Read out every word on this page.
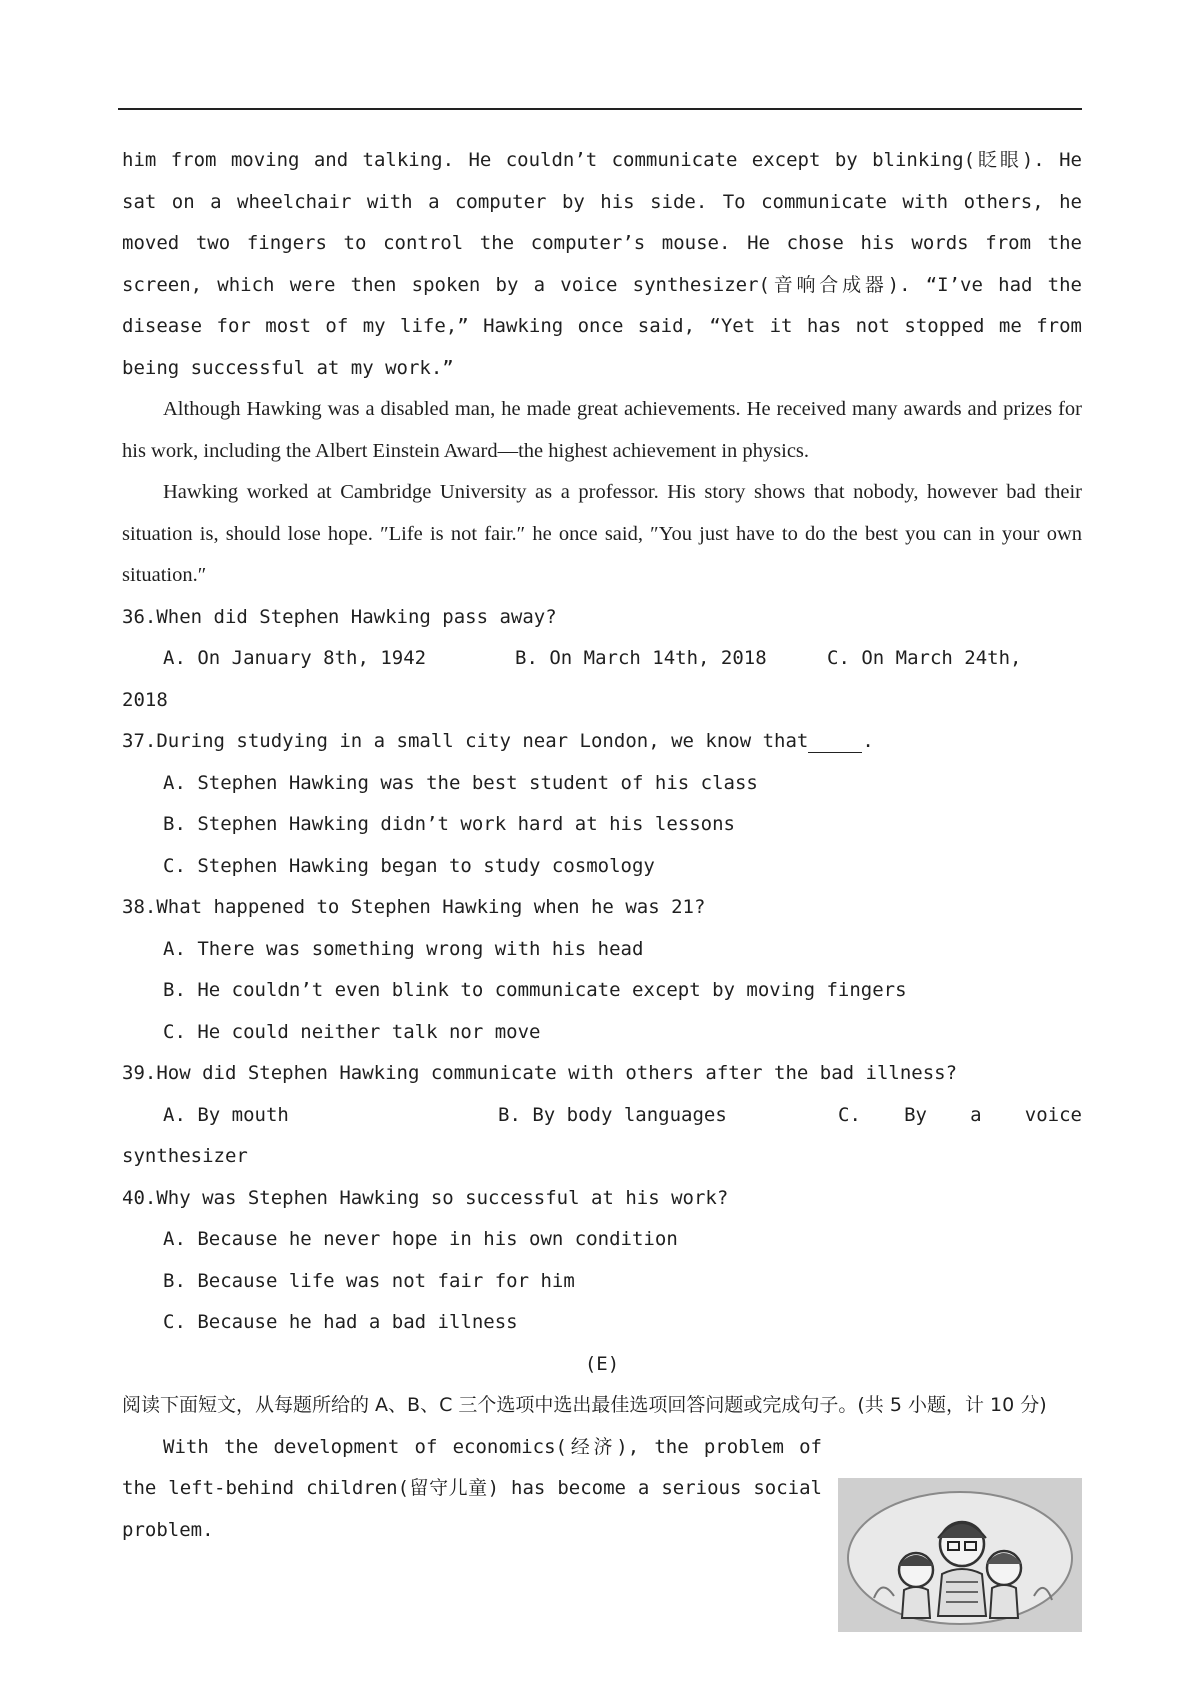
him from moving and talking. He couldn’t communicate except by blinking(眨眼). He sat on a wheelchair with a computer by his side. To communicate with others, he moved two fingers to control the computer’s mouse. He chose his words from the screen, which were then spoken by a voice synthesizer(音响合成器). “I’ve had the disease for most of my life,” Hawking once said, “Yet it has not stopped me from being successful at my work.”

Although Hawking was a disabled man, he made great achievements. He received many awards and prizes for his work, including the Albert Einstein Award—the highest achievement in physics.

Hawking worked at Cambridge University as a professor. His story shows that nobody, however bad their situation is, should lose hope. ″Life is not fair.″ he once said, ″You just have to do the best you can in your own situation.″

36.When did Stephen Hawking pass away?

A. On January 8th, 1942	B. On March 14th, 2018	C. On March 24th,

2018

37.During studying in a small city near London, we know that	.

A. Stephen Hawking was the best student of his class

B. Stephen Hawking didn’t work hard at his lessons

C. Stephen Hawking began to study cosmology

38.What happened to Stephen Hawking when he was 21?

A. There was something wrong with his head

B. He couldn’t even blink to communicate except by moving fingers

C. He could neither talk nor move

39.How did Stephen Hawking communicate with others after the bad illness?

A. By mouth	B. By body languages	C. By a voice

synthesizer

40.Why was Stephen Hawking so successful at his work?

A. Because he never hope in his own condition

B. Because life was not fair for him

C. Because he had a bad illness

(E)

阅读下面短文，从每题所给的 A、B、C 三个选项中选出最佳选项回答问题或完成句子。(共 5 小题，计 10 分)

With the development of economics(经济), the problem of the left-behind children(留守儿童) has become a serious social problem.
